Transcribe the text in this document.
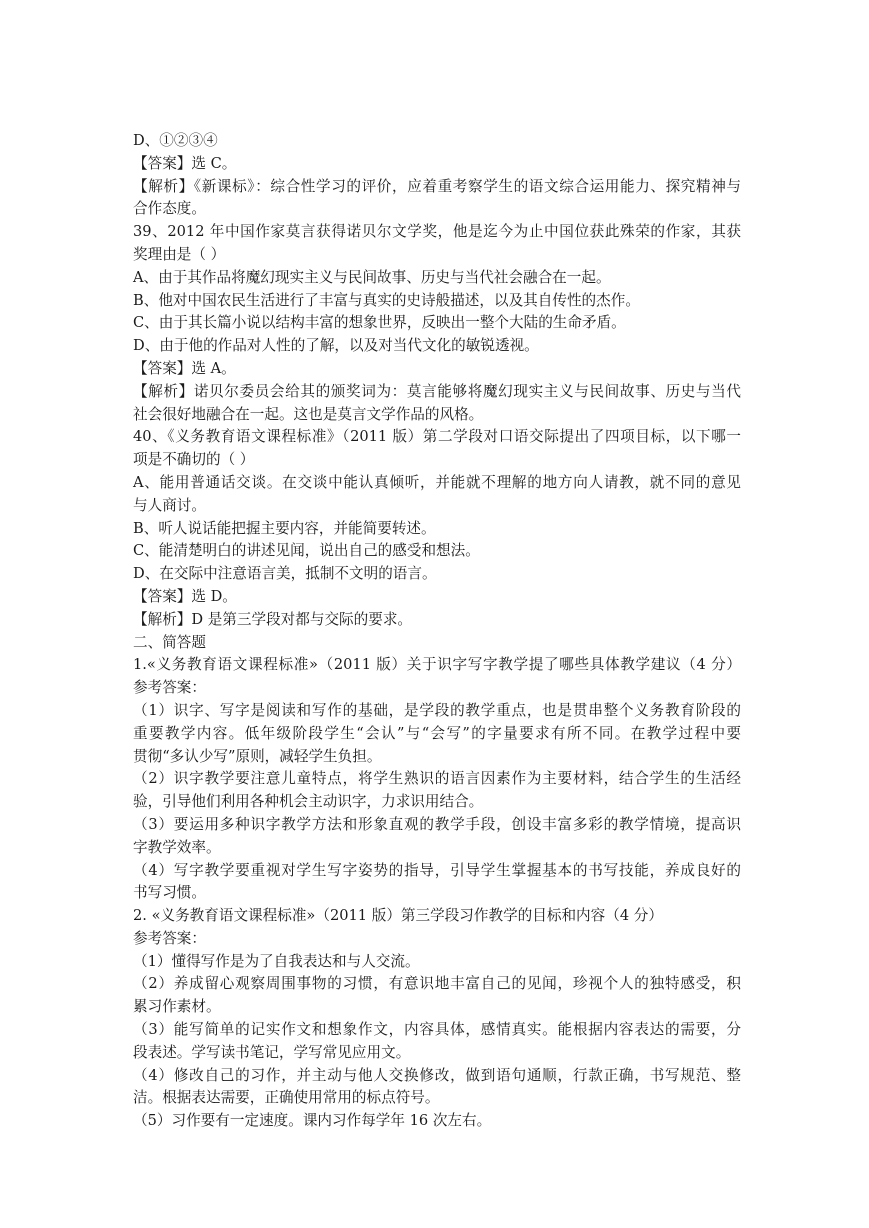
D、①②③④
【答案】选 C。
【解析】《新课标》：综合性学习的评价，应着重考察学生的语文综合运用能力、探究精神与
合作态度。
39、2012 年中国作家莫言获得诺贝尔文学奖，他是迄今为止中国位获此殊荣的作家，其获
奖理由是（ ）
A、由于其作品将魔幻现实主义与民间故事、历史与当代社会融合在一起。
B、他对中国农民生活进行了丰富与真实的史诗般描述，以及其自传性的杰作。
C、由于其长篇小说以结构丰富的想象世界，反映出一整个大陆的生命矛盾。
D、由于他的作品对人性的了解，以及对当代文化的敏锐透视。
【答案】选 A。
【解析】诺贝尔委员会给其的颁奖词为：莫言能够将魔幻现实主义与民间故事、历史与当代
社会很好地融合在一起。这也是莫言文学作品的风格。
40、《义务教育语文课程标准》（2011 版）第二学段对口语交际提出了四项目标，以下哪一
项是不确切的（ ）
A、能用普通话交谈。在交谈中能认真倾听，并能就不理解的地方向人请教，就不同的意见
与人商讨。
B、听人说话能把握主要内容，并能简要转述。
C、能清楚明白的讲述见闻，说出自己的感受和想法。
D、在交际中注意语言美，抵制不文明的语言。
【答案】选 D。
【解析】D 是第三学段对都与交际的要求。
二、简答题
1.«义务教育语文课程标准»（2011 版）关于识字写字教学提了哪些具体教学建议（4 分）
参考答案：
（1）识字、写字是阅读和写作的基础，是学段的教学重点，也是贯串整个义务教育阶段的
重要教学内容。低年级阶段学生“会认”与“会写”的字量要求有所不同。在教学过程中要
贯彻“多认少写”原则，减轻学生负担。
（2）识字教学要注意儿童特点，将学生熟识的语言因素作为主要材料，结合学生的生活经
验，引导他们利用各种机会主动识字，力求识用结合。
（3）要运用多种识字教学方法和形象直观的教学手段，创设丰富多彩的教学情境，提高识
字教学效率。
（4）写字教学要重视对学生写字姿势的指导，引导学生掌握基本的书写技能，养成良好的
书写习惯。
2. «义务教育语文课程标准»（2011 版）第三学段习作教学的目标和内容（4 分）
参考答案：
（1）懂得写作是为了自我表达和与人交流。
（2）养成留心观察周围事物的习惯，有意识地丰富自己的见闻，珍视个人的独特感受，积
累习作素材。
（3）能写简单的记实作文和想象作文，内容具体，感情真实。能根据内容表达的需要，分
段表述。学写读书笔记，学写常见应用文。
（4）修改自己的习作，并主动与他人交换修改，做到语句通顺，行款正确，书写规范、整
洁。根据表达需要，正确使用常用的标点符号。
（5）习作要有一定速度。课内习作每学年 16 次左右。
